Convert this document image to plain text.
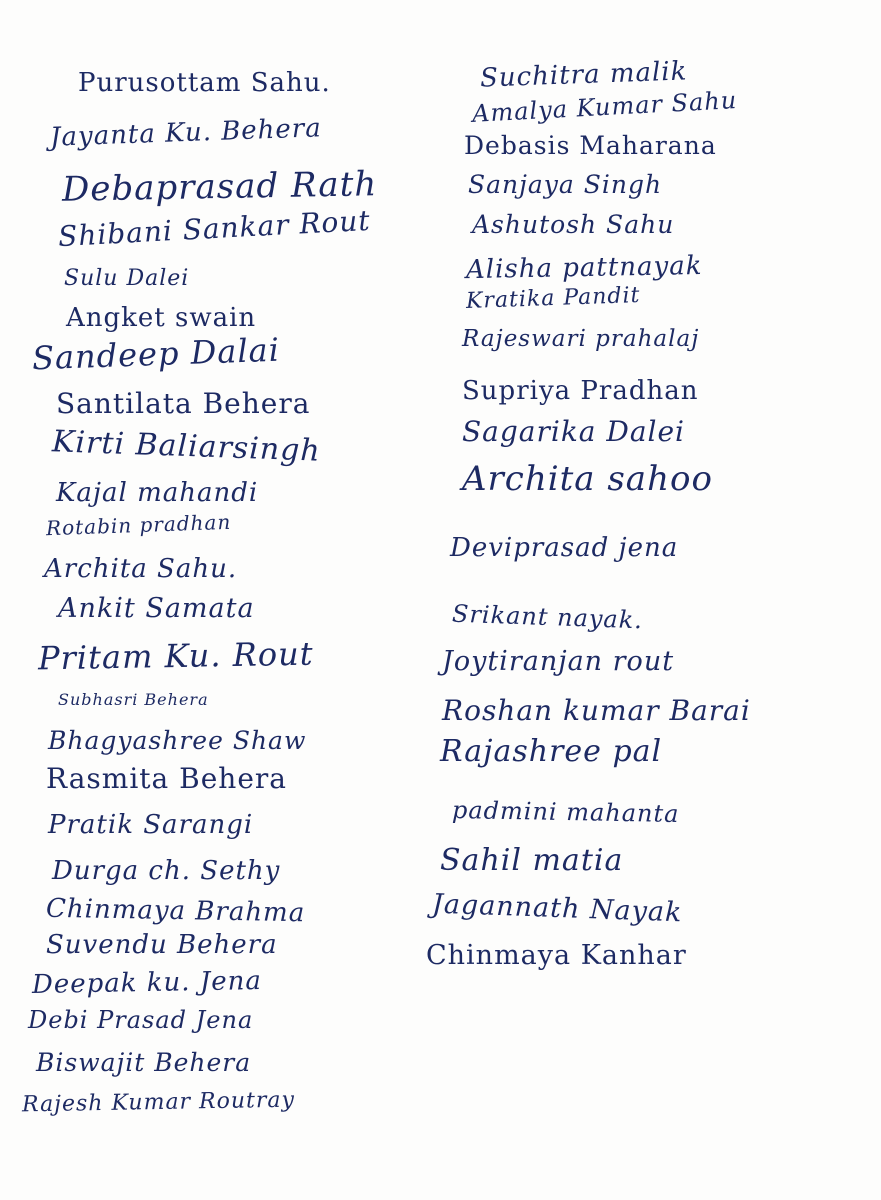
Purusottam Sahu.
Jayanta Ku. Behera
Debaprasad Rath
Shibani Sankar Rout
Sulu Dalei
Angket swain
Sandeep Dalai
Santilata Behera
Kirti Baliarsingh
Kajal mahandi
Rotabin pradhan
Archita Sahu.
Ankit Samata
Pritam Ku. Rout
Subhasri Behera
Bhagyashree Shaw
Rasmita Behera
Pratik Sarangi
Durga ch. Sethy
Chinmaya Brahma
Suvendu Behera
Deepak ku. Jena
Debi Prasad Jena
Biswajit Behera
Rajesh Kumar Routray
Suchitra malik
Amalya Kumar Sahu
Debasis Maharana
Sanjaya Singh
Ashutosh Sahu
Alisha pattnayak
Kratika Pandit
Rajeswari prahalaj
Supriya Pradhan
Sagarika Dalei
Archita sahoo
Deviprasad jena
Srikant nayak.
Joytiranjan rout
Roshan kumar Barai
Rajashree pal
padmini mahanta
Sahil matia
Jagannath Nayak
Chinmaya Kanhar
